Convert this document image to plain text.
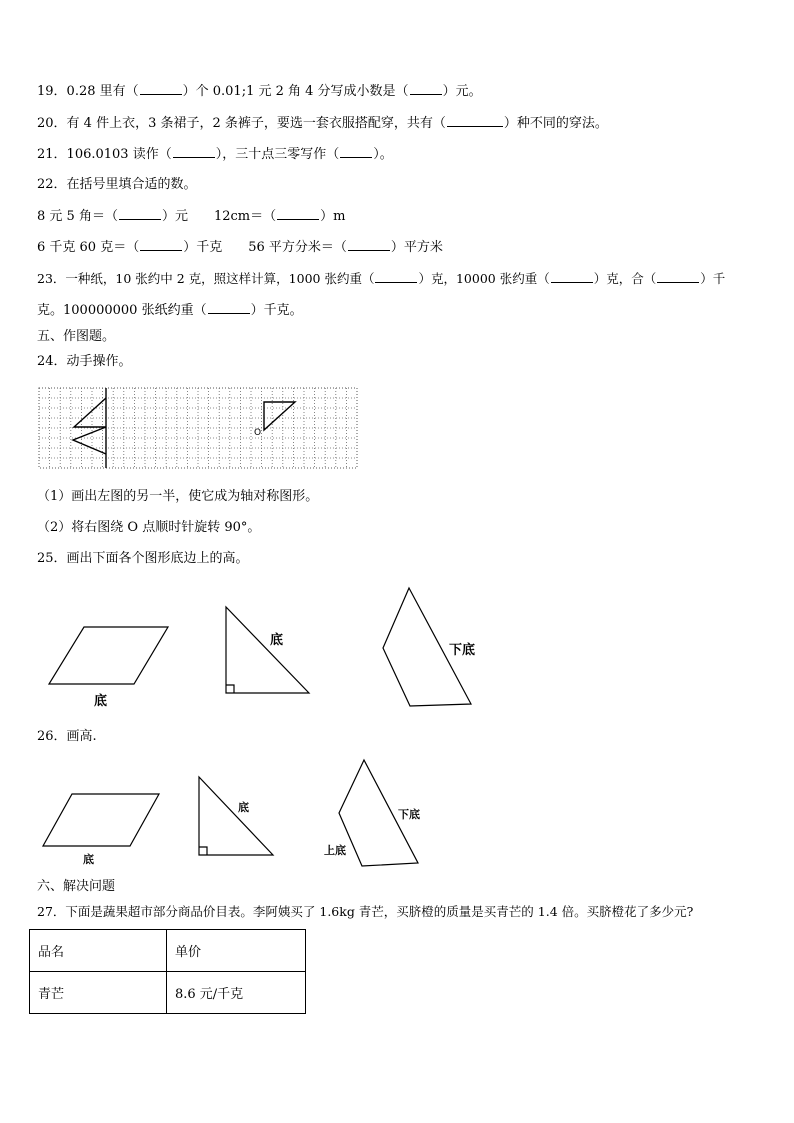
19．0.28 里有（	）个 0.01;1 元 2 角 4 分写成小数是（	）元。
20．有 4 件上衣，3 条裙子，2 条裤子，要选一套衣服搭配穿，共有（	）种不同的穿法。
21．106.0103 读作（	），三十点三零写作（	）。
22．在括号里填合适的数。
8 元 5 角＝（	）元 12cm＝（	）m
6 千克 60 克＝（	）千克 56 平方分米＝（	）平方米
23．一种纸，10 张约中 2 克，照这样计算，1000 张约重（	）克，10000 张约重（	）克，合（	）千
克。100000000 张纸约重（	）千克。
五、作图题。
24．动手操作。
O
（1）画出左图的另一半，使它成为轴对称图形。
（2）将右图绕 O 点顺时针旋转 90°。
25．画出下面各个图形底边上的高。
底
底
下底
26．画高.
底
底
下底
上底
六、解决问题
27．下面是蔬果超市部分商品价目表。李阿姨买了 1.6kg 青芒，买脐橙的质量是买青芒的 1.4 倍。买脐橙花了多少元?
品名	单价
青芒	8.6 元/千克
